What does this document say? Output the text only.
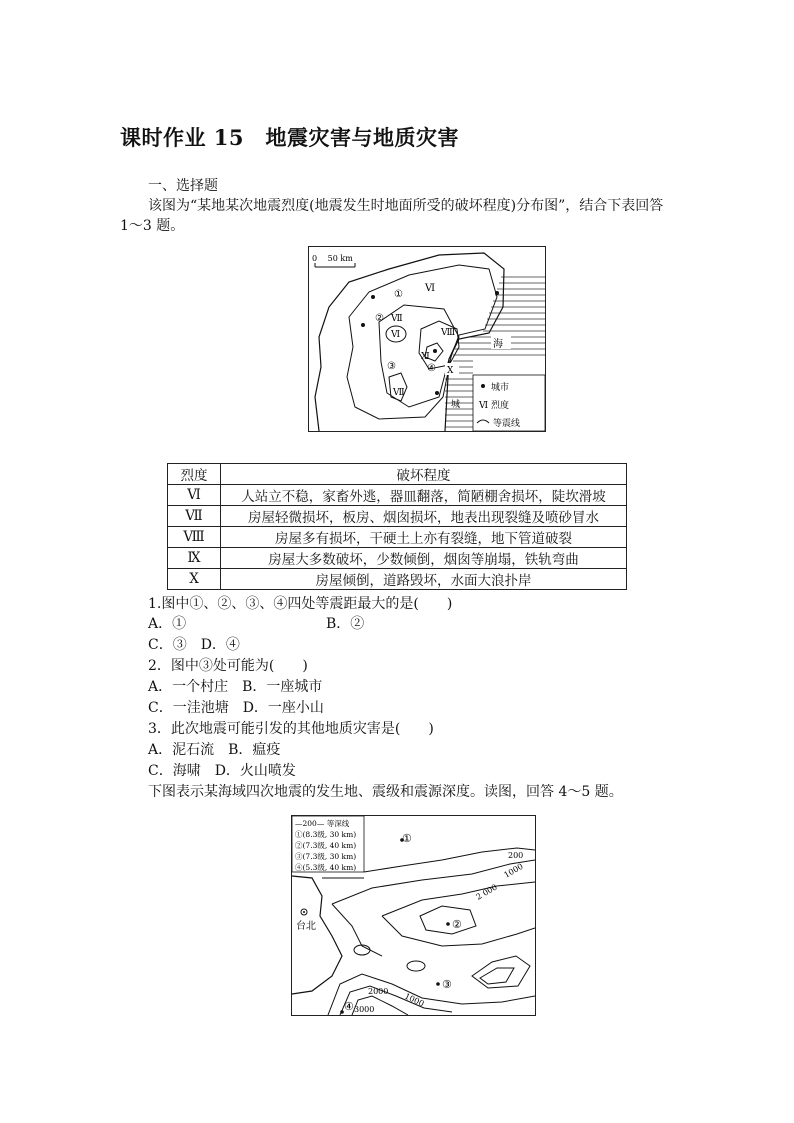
课时作业 15　地震灾害与地质灾害
一、选择题
该图为“某地某次地震烈度(地震发生时地面所受的破坏程度)分布图”，结合下表回答
1～3 题。
0　 50 km
①
②
③	④
Ⅵ
Ⅶ
Ⅵ	Ⅷ
Ⅺ
Ⅹ
Ⅶ
海
城
城市
Ⅵ 烈度
等震线
烈度	破坏程度
Ⅵ	人站立不稳，家畜外逃，器皿翻落，简陋棚舍损坏，陡坎滑坡
Ⅶ	房屋轻微损坏，板房、烟囱损坏，地表出现裂缝及喷砂冒水
Ⅷ	房屋多有损坏，干硬土上亦有裂缝，地下管道破裂
Ⅸ	房屋大多数破坏，少数倾倒，烟囱等崩塌，铁轨弯曲
Ⅹ	房屋倾倒，道路毁坏，水面大浪扑岸
1.图中①、②、③、④四处等震距最大的是(　　)
A．①	B．②
C．③　D．④
2．图中③处可能为(　　)
A．一个村庄　B．一座城市
C．一洼池塘　D．一座小山
3．此次地震可能引发的其他地质灾害是(　　)
A．泥石流　B．瘟疫
C．海啸　D．火山喷发
下图表示某海域四次地震的发生地、震级和震源深度。读图，回答 4～5 题。
—200— 等深线
①(8.3级, 30 km)
②(7.3级, 40 km)
③(7.3级, 30 km)
④(5.3级, 40 km)
台北
①
②
③
④
200
1000
2 000
2000
1000
3000
